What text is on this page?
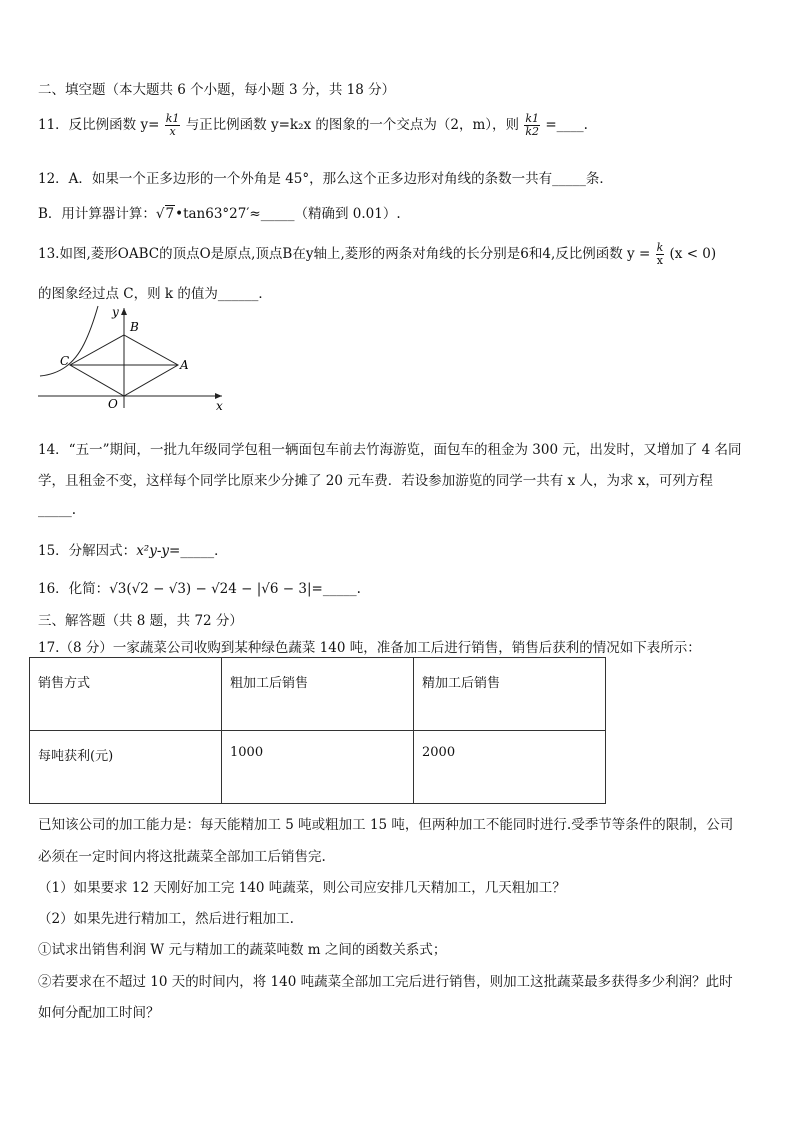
二、填空题（本大题共 6 个小题，每小题 3 分，共 18 分）
11．反比例函数 $y= \frac{k1}{x}$ 与正比例函数 y=k₂x 的图象的一个交点为（2，m），则 $\frac{k1}{k2}$ =____.
12．A．如果一个正多边形的一个外角是 45°，那么这个正多边形对角线的条数一共有_____条．
B．用计算器计算：√7•tan63°27′≈_____（精确到 0.01）.
13.如图,菱形OABC的顶点O是原点,顶点B在y轴上,菱形的两条对角线的长分别是6和4,反比例函数 $y = \frac{k}{x} (x < 0)$
的图象经过点 C，则 k 的值为______．
y
B
C	A
O	x
14．“五一”期间，一批九年级同学包租一辆面包车前去竹海游览，面包车的租金为 300 元，出发时，又增加了 4 名同
学，且租金不变，这样每个同学比原来少分摊了 20 元车费．若设参加游览的同学一共有 x 人，为求 x，可列方程
_____.
15．分解因式：x²y-y=_____．
16．化简：√3(√2 − √3) − √24 − |√6 − 3|=_____.
三、解答题（共 8 题，共 72 分）
17.（8 分）一家蔬菜公司收购到某种绿色蔬菜 140 吨，准备加工后进行销售，销售后获利的情况如下表所示：
销售方式	粗加工后销售	精加工后销售
每吨获利(元)	1000	2000
已知该公司的加工能力是：每天能精加工 5 吨或粗加工 15 吨，但两种加工不能同时进行.受季节等条件的限制，公司
必须在一定时间内将这批蔬菜全部加工后销售完.
（1）如果要求 12 天刚好加工完 140 吨蔬菜，则公司应安排几天精加工，几天粗加工？
（2）如果先进行精加工，然后进行粗加工.
①试求出销售利润 W 元与精加工的蔬菜吨数 m 之间的函数关系式；
②若要求在不超过 10 天的时间内，将 140 吨蔬菜全部加工完后进行销售，则加工这批蔬菜最多获得多少利润？此时
如何分配加工时间？
